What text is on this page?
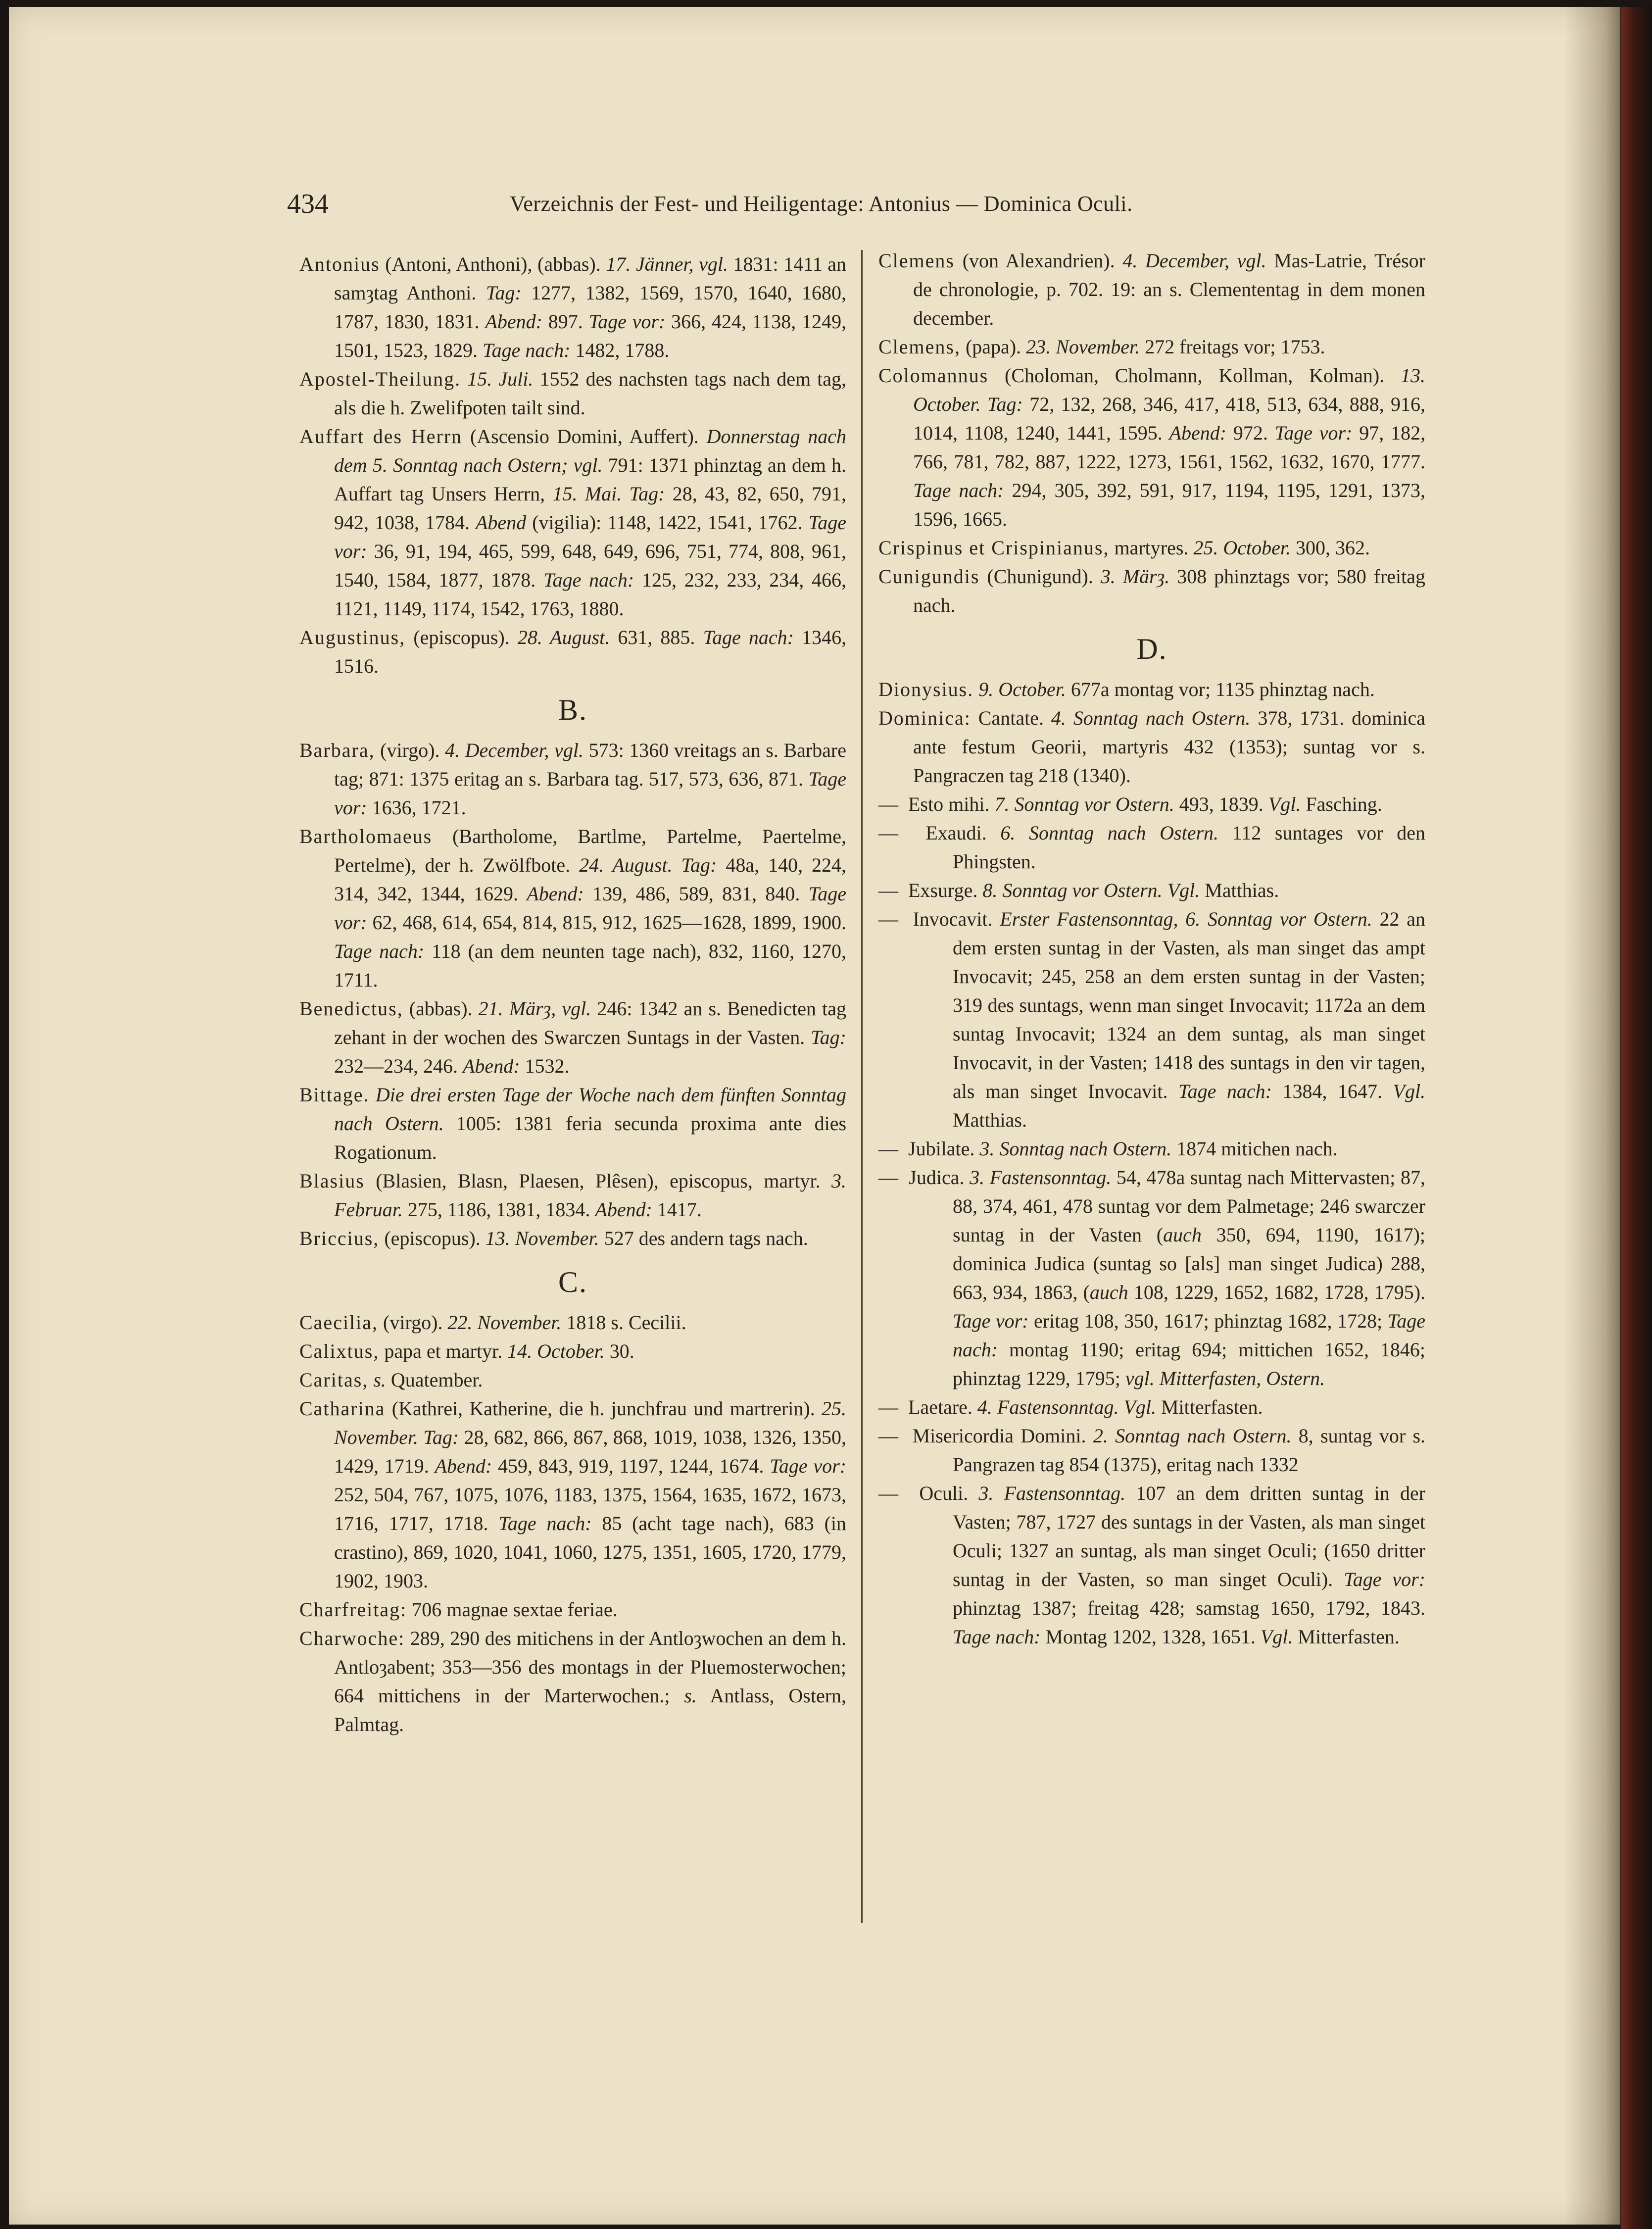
434	Verzeichnis der Fest- und Heiligentage: Antonius — Dominica Oculi.

Antonius (Antoni, Anthoni), (abbas). 17. Jänner, vgl. 1831: 1411 an samȝtag Anthoni. Tag: 1277, 1382, 1569, 1570, 1640, 1680, 1787, 1830, 1831. Abend: 897. Tage vor: 366, 424, 1138, 1249, 1501, 1523, 1829. Tage nach: 1482, 1788.

Apostel-Theilung. 15. Juli. 1552 des nachsten tags nach dem tag, als die h. Zwelifpoten tailt sind.

Auffart des Herrn (Ascensio Domini, Auffert). Donnerstag nach dem 5. Sonntag nach Ostern; vgl. 791: 1371 phinztag an dem h. Auffart tag Unsers Herrn, 15. Mai. Tag: 28, 43, 82, 650, 791, 942, 1038, 1784. Abend (vigilia): 1148, 1422, 1541, 1762. Tage vor: 36, 91, 194, 465, 599, 648, 649, 696, 751, 774, 808, 961, 1540, 1584, 1877, 1878. Tage nach: 125, 232, 233, 234, 466, 1121, 1149, 1174, 1542, 1763, 1880.

Augustinus, (episcopus). 28. August. 631, 885. Tage nach: 1346, 1516.

B.

Barbara, (virgo). 4. December, vgl. 573: 1360 vreitags an s. Barbare tag; 871: 1375 eritag an s. Barbara tag. 517, 573, 636, 871. Tage vor: 1636, 1721.

Bartholomaeus (Bartholome, Bartlme, Partelme, Paertelme, Pertelme), der h. Zwölfbote. 24. August. Tag: 48a, 140, 224, 314, 342, 1344, 1629. Abend: 139, 486, 589, 831, 840. Tage vor: 62, 468, 614, 654, 814, 815, 912, 1625—1628, 1899, 1900. Tage nach: 118 (an dem neunten tage nach), 832, 1160, 1270, 1711.

Benedictus, (abbas). 21. Märȝ, vgl. 246: 1342 an s. Benedicten tag zehant in der wochen des Swarczen Suntags in der Vasten. Tag: 232—234, 246. Abend: 1532.

Bittage. Die drei ersten Tage der Woche nach dem fünften Sonntag nach Ostern. 1005: 1381 feria secunda proxima ante dies Rogationum.

Blasius (Blasien, Blasn, Plaesen, Plêsen), episcopus, martyr. 3. Februar. 275, 1186, 1381, 1834. Abend: 1417.

Briccius, (episcopus). 13. November. 527 des andern tags nach.

C.

Caecilia, (virgo). 22. November. 1818 s. Cecilii.

Calixtus, papa et martyr. 14. October. 30.

Caritas, s. Quatember.

Catharina (Kathrei, Katherine, die h. junchfrau und martrerin). 25. November. Tag: 28, 682, 866, 867, 868, 1019, 1038, 1326, 1350, 1429, 1719. Abend: 459, 843, 919, 1197, 1244, 1674. Tage vor: 252, 504, 767, 1075, 1076, 1183, 1375, 1564, 1635, 1672, 1673, 1716, 1717, 1718. Tage nach: 85 (acht tage nach), 683 (in crastino), 869, 1020, 1041, 1060, 1275, 1351, 1605, 1720, 1779, 1902, 1903.

Charfreitag: 706 magnae sextae feriae.

Charwoche: 289, 290 des mitichens in der Antloȝwochen an dem h. Antloȝabent; 353—356 des montags in der Pluemosterwochen; 664 mittichens in der Marterwochen.; s. Antlass, Ostern, Palmtag.

Clemens (von Alexandrien). 4. December, vgl. Mas-Latrie, Trésor de chronologie, p. 702. 19: an s. Clemententag in dem monen december.

Clemens, (papa). 23. November. 272 freitags vor; 1753.

Colomannus (Choloman, Cholmann, Kollman, Kolman). 13. October. Tag: 72, 132, 268, 346, 417, 418, 513, 634, 888, 916, 1014, 1108, 1240, 1441, 1595. Abend: 972. Tage vor: 97, 182, 766, 781, 782, 887, 1222, 1273, 1561, 1562, 1632, 1670, 1777. Tage nach: 294, 305, 392, 591, 917, 1194, 1195, 1291, 1373, 1596, 1665.

Crispinus et Crispinianus, martyres. 25. October. 300, 362.

Cunigundis (Chunigund). 3. Märȝ. 308 phinztags vor; 580 freitag nach.

D.

Dionysius. 9. October. 677a montag vor; 1135 phinztag nach.

Dominica: Cantate. 4. Sonntag nach Ostern. 378, 1731. dominica ante festum Georii, martyris 432 (1353); suntag vor s. Pangraczen tag 218 (1340).

— Esto mihi. 7. Sonntag vor Ostern. 493, 1839. Vgl. Fasching.

— Exaudi. 6. Sonntag nach Ostern. 112 suntages vor den Phingsten.

— Exsurge. 8. Sonntag vor Ostern. Vgl. Matthias.

— Invocavit. Erster Fastensonntag, 6. Sonntag vor Ostern. 22 an dem ersten suntag in der Vasten, als man singet das ampt Invocavit; 245, 258 an dem ersten suntag in der Vasten; 319 des suntags, wenn man singet Invocavit; 1172a an dem suntag Invocavit; 1324 an dem suntag, als man singet Invocavit, in der Vasten; 1418 des suntags in den vir tagen, als man singet Invocavit. Tage nach: 1384, 1647. Vgl. Matthias.

— Jubilate. 3. Sonntag nach Ostern. 1874 mitichen nach.

— Judica. 3. Fastensonntag. 54, 478a suntag nach Mittervasten; 87, 88, 374, 461, 478 suntag vor dem Palmetage; 246 swarczer suntag in der Vasten (auch 350, 694, 1190, 1617); dominica Judica (suntag so [als] man singet Judica) 288, 663, 934, 1863, (auch 108, 1229, 1652, 1682, 1728, 1795). Tage vor: eritag 108, 350, 1617; phinztag 1682, 1728; Tage nach: montag 1190; eritag 694; mittichen 1652, 1846; phinztag 1229, 1795; vgl. Mitterfasten, Ostern.

— Laetare. 4. Fastensonntag. Vgl. Mitterfasten.

— Misericordia Domini. 2. Sonntag nach Ostern. 8, suntag vor s. Pangrazen tag 854 (1375), eritag nach 1332

— Oculi. 3. Fastensonntag. 107 an dem dritten suntag in der Vasten; 787, 1727 des suntags in der Vasten, als man singet Oculi; 1327 an suntag, als man singet Oculi; (1650 dritter suntag in der Vasten, so man singet Oculi). Tage vor: phinztag 1387; freitag 428; samstag 1650, 1792, 1843. Tage nach: Montag 1202, 1328, 1651. Vgl. Mitterfasten.
